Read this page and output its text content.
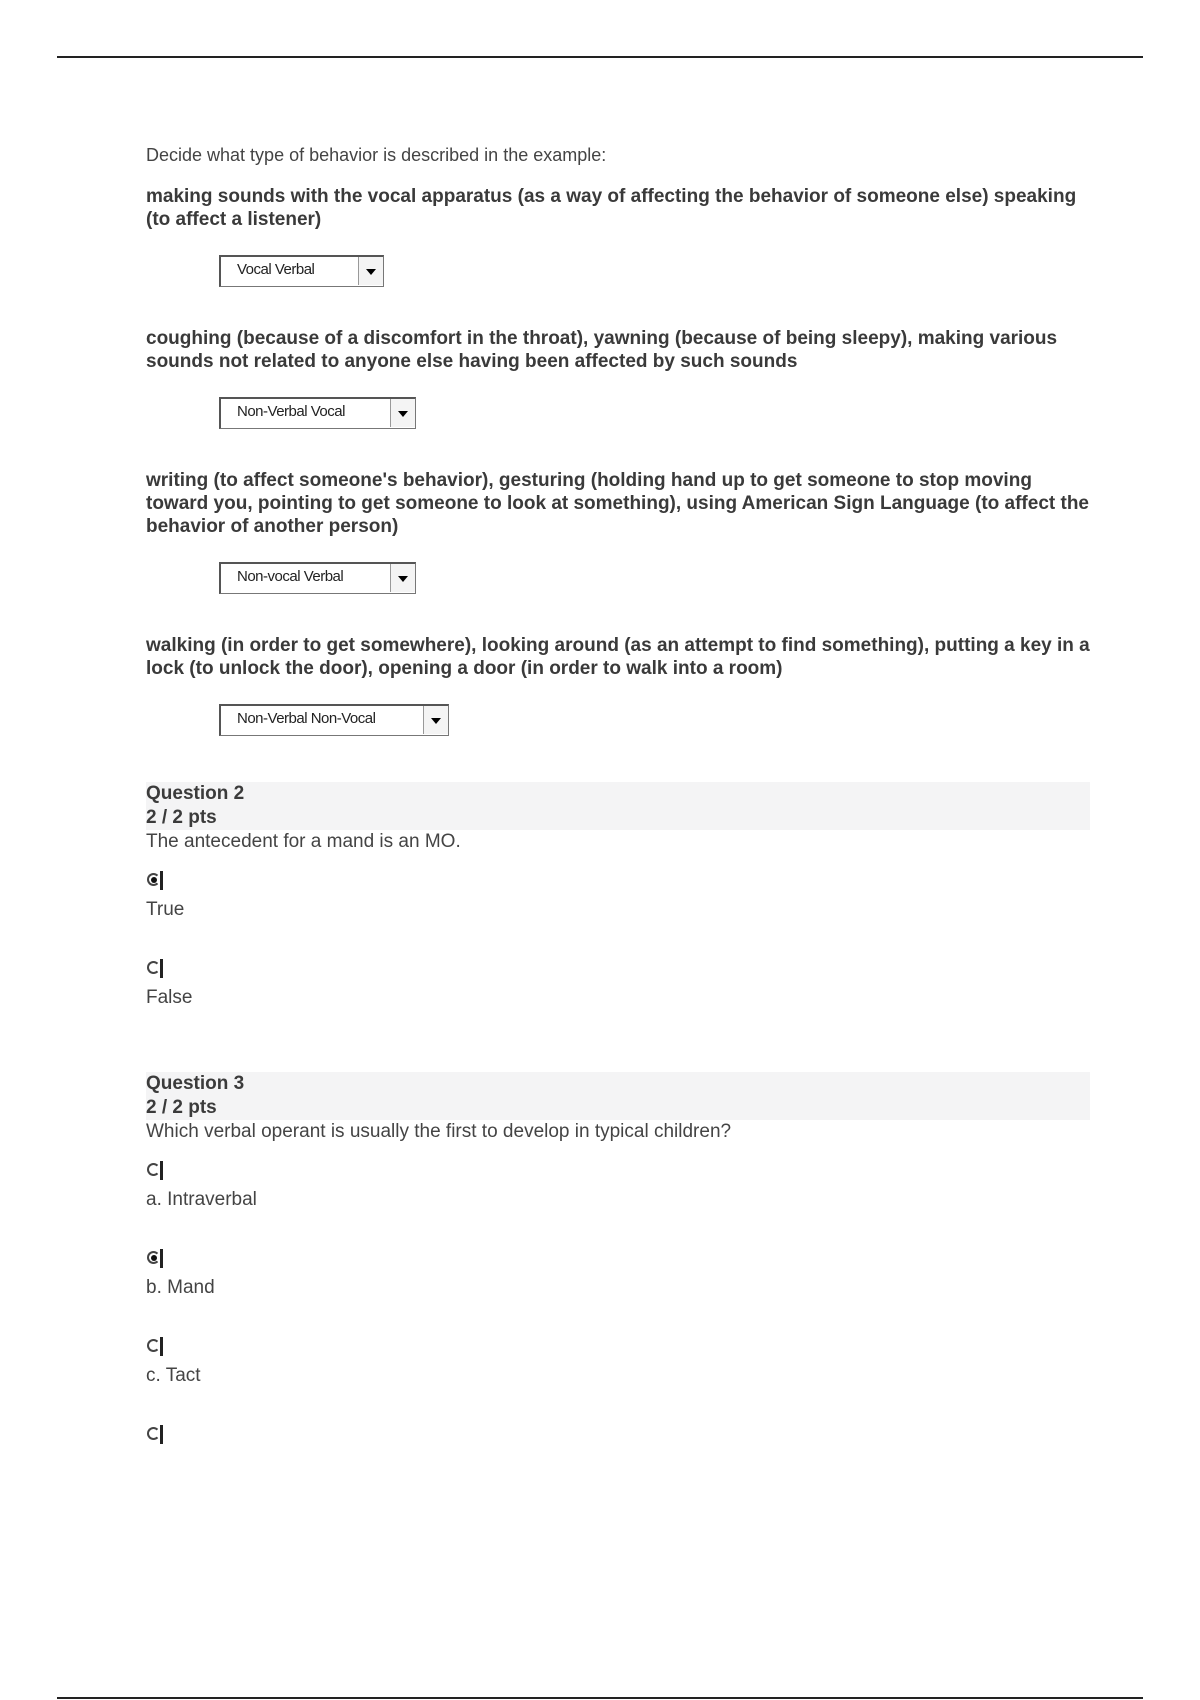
Decide what type of behavior is described in the example:

making sounds with the vocal apparatus (as a way of affecting the behavior of someone else) speaking (to affect a listener)

Vocal Verbal

coughing (because of a discomfort in the throat), yawning (because of being sleepy), making various sounds not related to anyone else having been affected by such sounds

Non-Verbal Vocal

writing (to affect someone's behavior), gesturing (holding hand up to get someone to stop moving toward you, pointing to get someone to look at something), using American Sign Language (to affect the behavior of another person)

Non-vocal Verbal

walking (in order to get somewhere), looking around (as an attempt to find something), putting a key in a lock (to unlock the door), opening a door (in order to walk into a room)

Non-Verbal Non-Vocal
Question 2
2 / 2 pts

The antecedent for a mand is an MO.

True
False
Question 3
2 / 2 pts

Which verbal operant is usually the first to develop in typical children?

a. Intraverbal
b. Mand
c. Tact
